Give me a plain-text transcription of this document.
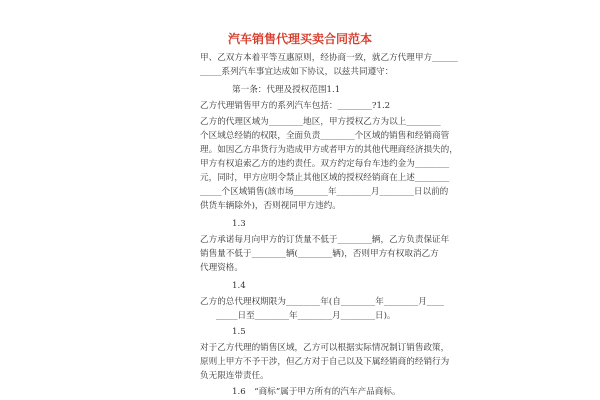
汽车销售代理买卖合同范本
甲、乙双方本着平等互惠原则，经协商一致，就乙方代理甲方______
_____系列汽车事宜达成如下协议，以兹共同遵守：
第一条：代理及授权范围1.1
乙方代理销售甲方的系列汽车包括：________?1.2
乙方的代理区域为________地区，甲方授权乙方为以上________
个区域总经销的权限，全面负责________个区域的销售和经销商管
理。如因乙方串货行为造成甲方或者甲方的其他代理商经济损失的，
甲方有权追索乙方的违约责任。双方约定每台车违约金为________
元，同时，甲方应明令禁止其他区域的授权经销商在上述________
_____个区域销售(該市场________年________月________日以前的
供货车辆除外)，否则视同甲方违约。
1.3
乙方承诺每月向甲方的订货量不低于________辆，乙方负责保证年
销售量不低于________辆(________辆)，否则甲方有权取消乙方
代理资格。
1.4
乙方的总代理权期限为________年(自________年________月____
_____日至________年________月________日)。
1.5
对于乙方代理的销售区域，乙方可以根据实际情况制订销售政策，
原则上甲方不予干涉，但乙方对于自己以及下属经销商的经销行为
负无限连带责任。
1.6　“商标”属于甲方所有的汽车产品商标。
